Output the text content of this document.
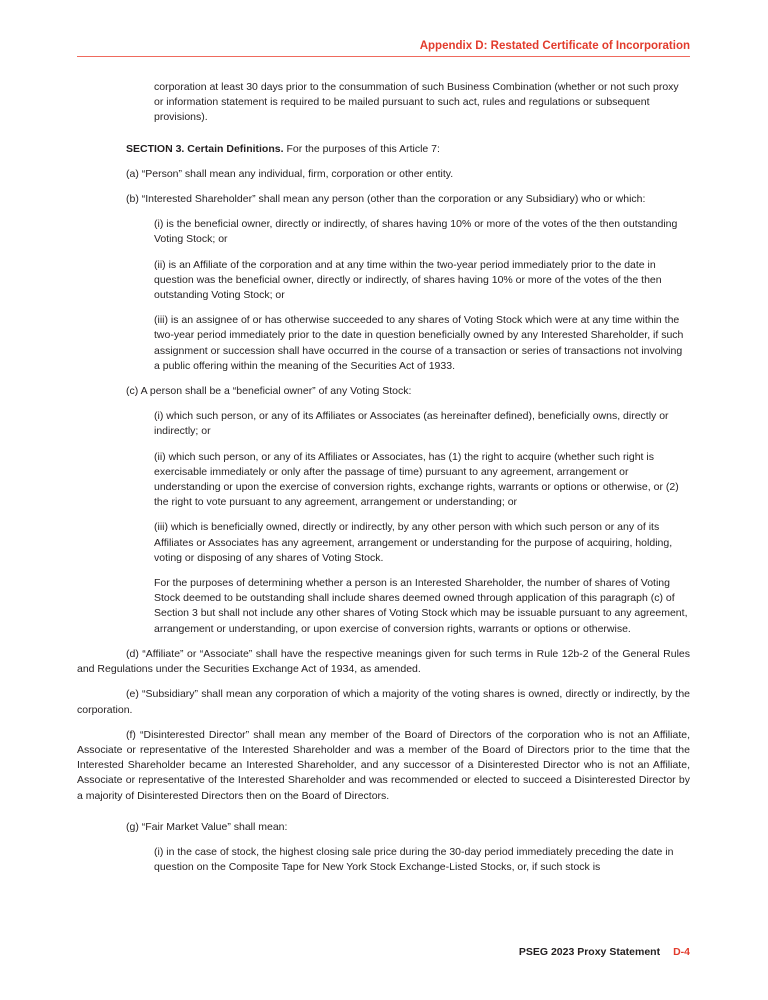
Appendix D: Restated Certificate of Incorporation
corporation at least 30 days prior to the consummation of such Business Combination (whether or not such proxy or information statement is required to be mailed pursuant to such act, rules and regulations or subsequent provisions).
SECTION 3. Certain Definitions. For the purposes of this Article 7:
(a) “Person” shall mean any individual, firm, corporation or other entity.
(b) “Interested Shareholder” shall mean any person (other than the corporation or any Subsidiary) who or which:
(i) is the beneficial owner, directly or indirectly, of shares having 10% or more of the votes of the then outstanding Voting Stock; or
(ii) is an Affiliate of the corporation and at any time within the two-year period immediately prior to the date in question was the beneficial owner, directly or indirectly, of shares having 10% or more of the votes of the then outstanding Voting Stock; or
(iii) is an assignee of or has otherwise succeeded to any shares of Voting Stock which were at any time within the two-year period immediately prior to the date in question beneficially owned by any Interested Shareholder, if such assignment or succession shall have occurred in the course of a transaction or series of transactions not involving a public offering within the meaning of the Securities Act of 1933.
(c) A person shall be a “beneficial owner” of any Voting Stock:
(i) which such person, or any of its Affiliates or Associates (as hereinafter defined), beneficially owns, directly or indirectly; or
(ii) which such person, or any of its Affiliates or Associates, has (1) the right to acquire (whether such right is exercisable immediately or only after the passage of time) pursuant to any agreement, arrangement or understanding or upon the exercise of conversion rights, exchange rights, warrants or options or otherwise, or (2) the right to vote pursuant to any agreement, arrangement or understanding; or
(iii) which is beneficially owned, directly or indirectly, by any other person with which such person or any of its Affiliates or Associates has any agreement, arrangement or understanding for the purpose of acquiring, holding, voting or disposing of any shares of Voting Stock.
For the purposes of determining whether a person is an Interested Shareholder, the number of shares of Voting Stock deemed to be outstanding shall include shares deemed owned through application of this paragraph (c) of Section 3 but shall not include any other shares of Voting Stock which may be issuable pursuant to any agreement, arrangement or understanding, or upon exercise of conversion rights, warrants or options or otherwise.
(d) “Affiliate” or “Associate” shall have the respective meanings given for such terms in Rule 12b-2 of the General Rules and Regulations under the Securities Exchange Act of 1934, as amended.
(e) “Subsidiary” shall mean any corporation of which a majority of the voting shares is owned, directly or indirectly, by the corporation.
(f) “Disinterested Director” shall mean any member of the Board of Directors of the corporation who is not an Affiliate, Associate or representative of the Interested Shareholder and was a member of the Board of Directors prior to the time that the Interested Shareholder became an Interested Shareholder, and any successor of a Disinterested Director who is not an Affiliate, Associate or representative of the Interested Shareholder and was recommended or elected to succeed a Disinterested Director by a majority of Disinterested Directors then on the Board of Directors.
(g) “Fair Market Value” shall mean:
(i) in the case of stock, the highest closing sale price during the 30-day period immediately preceding the date in question on the Composite Tape for New York Stock Exchange-Listed Stocks, or, if such stock is
PSEG 2023 Proxy Statement D-4
